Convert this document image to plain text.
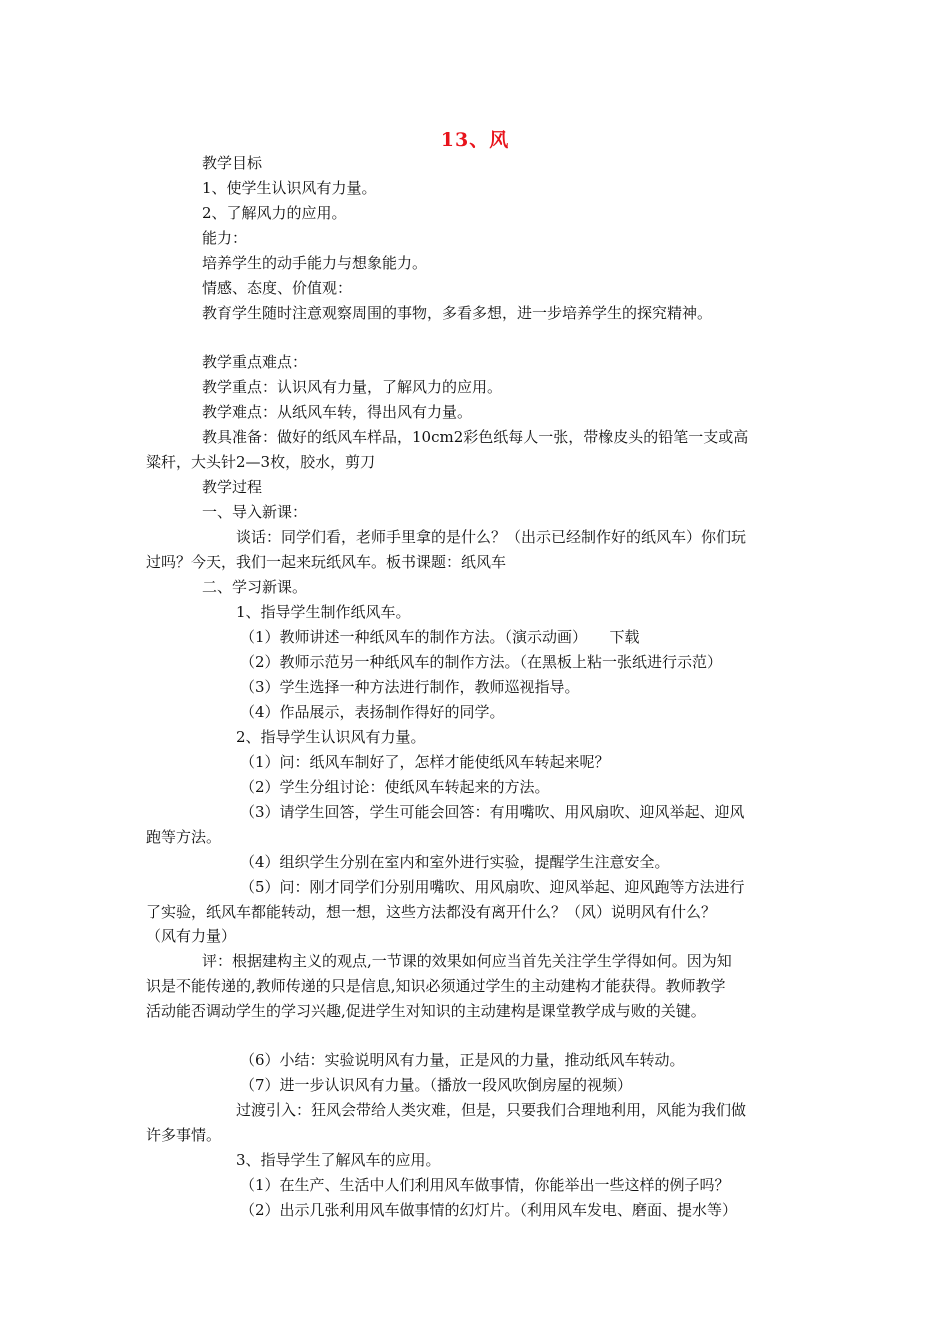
13、风
教学目标
1、使学生认识风有力量。
2、了解风力的应用。
能力：
培养学生的动手能力与想象能力。
情感、态度、价值观：
教育学生随时注意观察周围的事物，多看多想，进一步培养学生的探究精神。
教学重点难点：
教学重点：认识风有力量，了解风力的应用。
教学难点：从纸风车转，得出风有力量。
教具准备：做好的纸风车样品，10cm2彩色纸每人一张，带橡皮头的铅笔一支或高
粱秆，大头针2—3枚，胶水，剪刀
教学过程
一、导入新课：
谈话：同学们看，老师手里拿的是什么？（出示已经制作好的纸风车）你们玩
过吗？今天，我们一起来玩纸风车。板书课题：纸风车
二、学习新课。
1、指导学生制作纸风车。
（1）教师讲述一种纸风车的制作方法。（演示动画）　　下载
（2）教师示范另一种纸风车的制作方法。（在黑板上粘一张纸进行示范）
（3）学生选择一种方法进行制作，教师巡视指导。
（4）作品展示，表扬制作得好的同学。
2、指导学生认识风有力量。
（1）问：纸风车制好了，怎样才能使纸风车转起来呢？
（2）学生分组讨论：使纸风车转起来的方法。
（3）请学生回答，学生可能会回答：有用嘴吹、用风扇吹、迎风举起、迎风
跑等方法。
（4）组织学生分别在室内和室外进行实验，提醒学生注意安全。
（5）问：刚才同学们分别用嘴吹、用风扇吹、迎风举起、迎风跑等方法进行
了实验，纸风车都能转动，想一想，这些方法都没有离开什么？（风）说明风有什么？
（风有力量）
评：根据建构主义的观点,一节课的效果如何应当首先关注学生学得如何。因为知
识是不能传递的,教师传递的只是信息,知识必须通过学生的主动建构才能获得。教师教学
活动能否调动学生的学习兴趣,促进学生对知识的主动建构是课堂教学成与败的关键。
（6）小结：实验说明风有力量，正是风的力量，推动纸风车转动。
（7）进一步认识风有力量。（播放一段风吹倒房屋的视频）
过渡引入：狂风会带给人类灾难，但是，只要我们合理地利用，风能为我们做
许多事情。
3、指导学生了解风车的应用。
（1）在生产、生活中人们利用风车做事情，你能举出一些这样的例子吗？
（2）出示几张利用风车做事情的幻灯片。（利用风车发电、磨面、提水等）
